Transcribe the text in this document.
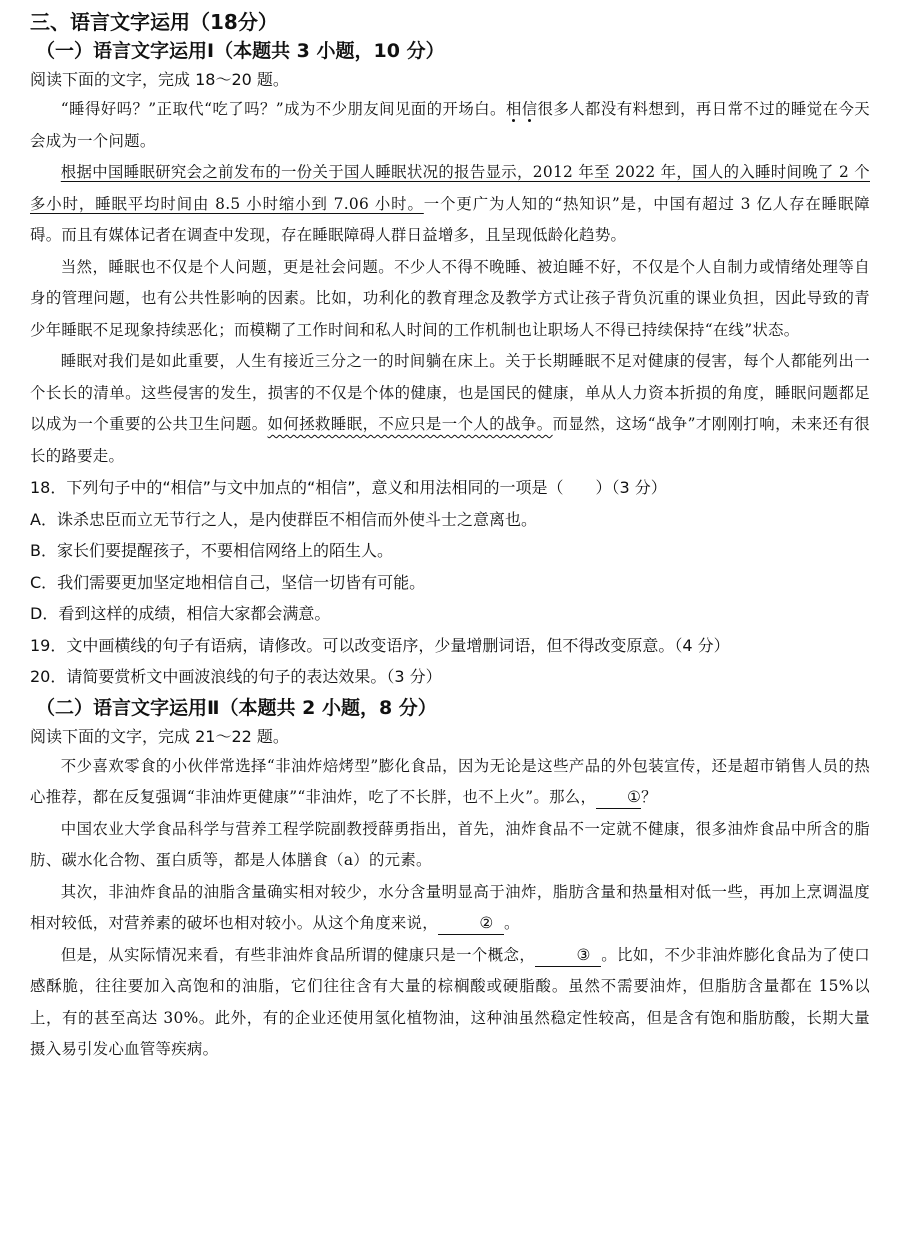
三、语言文字运用（18分）
（一）语言文字运用Ⅰ（本题共 3 小题，10 分）
阅读下面的文字，完成 18～20 题。

“睡得好吗？”正取代“吃了吗？”成为不少朋友间见面的开场白。相信很多人都没有料想到，再日常不过的睡觉在今天会成为一个问题。

根据中国睡眠研究会之前发布的一份关于国人睡眠状况的报告显示，2012 年至 2022 年，国人的入睡时间晚了 2 个多小时，睡眠平均时间由 8.5 小时缩小到 7.06 小时。一个更广为人知的“热知识”是，中国有超过 3 亿人存在睡眠障碍。而且有媒体记者在调查中发现，存在睡眠障碍人群日益增多，且呈现低龄化趋势。

当然，睡眠也不仅是个人问题，更是社会问题。不少人不得不晚睡、被迫睡不好，不仅是个人自制力或情绪处理等自身的管理问题，也有公共性影响的因素。比如，功利化的教育理念及教学方式让孩子背负沉重的课业负担，因此导致的青少年睡眠不足现象持续恶化；而模糊了工作时间和私人时间的工作机制也让职场人不得已持续保持“在线”状态。

睡眠对我们是如此重要，人生有接近三分之一的时间躺在床上。关于长期睡眠不足对健康的侵害，每个人都能列出一个长长的清单。这些侵害的发生，损害的不仅是个体的健康，也是国民的健康，单从人力资本折损的角度，睡眠问题都足以成为一个重要的公共卫生问题。如何拯救睡眠，不应只是一个人的战争。而显然，这场“战争”才刚刚打响，未来还有很长的路要走。

18．下列句子中的“相信”与文中加点的“相信”，意义和用法相同的一项是（　　）（3 分）
A．诛杀忠臣而立无节行之人，是内使群臣不相信而外使斗士之意离也。
B．家长们要提醒孩子，不要相信网络上的陌生人。
C．我们需要更加坚定地相信自己，坚信一切皆有可能。
D．看到这样的成绩，相信大家都会满意。
19．文中画横线的句子有语病，请修改。可以改变语序，少量增删词语，但不得改变原意。（4 分）
20．请简要赏析文中画波浪线的句子的表达效果。（3 分）
（二）语言文字运用Ⅱ（本题共 2 小题，8 分）
阅读下面的文字，完成 21～22 题。

不少喜欢零食的小伙伴常选择“非油炸焙烤型”膨化食品，因为无论是这些产品的外包装宣传，还是超市销售人员的热心推荐，都在反复强调“非油炸更健康”“非油炸，吃了不长胖，也不上火”。那么， ①？

中国农业大学食品科学与营养工程学院副教授薛勇指出，首先，油炸食品不一定就不健康，很多油炸食品中所含的脂肪、碳水化合物、蛋白质等，都是人体膳食（a）的元素。

其次，非油炸食品的油脂含量确实相对较少，水分含量明显高于油炸，脂肪含量和热量相对低一些，再加上烹调温度相对较低，对营养素的破坏也相对较小。从这个角度来说，	② 。

但是，从实际情况来看，有些非油炸食品所谓的健康只是一个概念，	③ 。比如，不少非油炸膨化食品为了使口感酥脆，往往要加入高饱和的油脂，它们往往含有大量的棕榈酸或硬脂酸。虽然不需要油炸，但脂肪含量都在 15%以上，有的甚至高达 30%。此外，有的企业还使用氢化植物油，这种油虽然稳定性较高，但是含有饱和脂肪酸，长期大量摄入易引发心血管等疾病。
